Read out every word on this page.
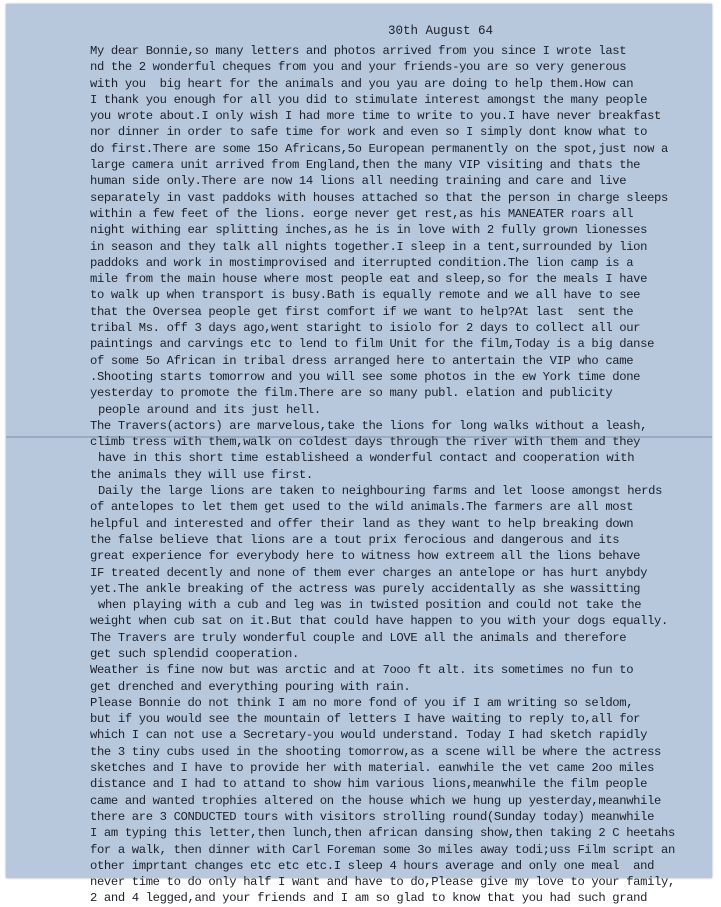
30th August 64
My dear Bonnie,so many letters and photos arrived from you since I wrote last
nd the 2 wonderful cheques from you and your friends-you are so very generous
with you  big heart for the animals and you yau are doing to help them.How can
I thank you enough for all you did to stimulate interest amongst the many people
you wrote about.I only wish I had more time to write to you.I have never breakfast
nor dinner in order to safe time for work and even so I simply dont know what to
do first.There are some 15o Africans,5o European permanently on the spot,just now a
large camera unit arrived from England,then the many VIP visiting and thats the
human side only.There are now 14 lions all needing training and care and live
separately in vast paddoks with houses attached so that the person in charge sleeps
within a few feet of the lions. eorge never get rest,as his MANEATER roars all
night withing ear splitting inches,as he is in love with 2 fully grown lionesses
in season and they talk all nights together.I sleep in a tent,surrounded by lion
paddoks and work in mostimprovised and iterrupted condition.The lion camp is a
mile from the main house where most people eat and sleep,so for the meals I have
to walk up when transport is busy.Bath is equally remote and we all have to see
that the Oversea people get first comfort if we want to help?At last  sent the
tribal Ms. off 3 days ago,went staright to isiolo for 2 days to collect all our
paintings and carvings etc to lend to film Unit for the film,Today is a big danse
of some 5o African in tribal dress arranged here to antertain the VIP who came
.Shooting starts tomorrow and you will see some photos in the ew York time done
yesterday to promote the film.There are so many publ. elation and publicity
people around and its just hell.
The Travers(actors) are marvelous,take the lions for long walks without a leash,
climb tress with them,walk on coldest days through the river with them and they
have in this short time establisheed a wonderful contact and cooperation with
the animals they will use first.
Daily the large lions are taken to neighbouring farms and let loose amongst herds
of antelopes to let them get used to the wild animals.The farmers are all most
helpful and interested and offer their land as they want to help breaking down
the false believe that lions are a tout prix ferocious and dangerous and its
great experience for everybody here to witness how extreem all the lions behave
IF treated decently and none of them ever charges an antelope or has hurt anybdy
yet.The ankle breaking of the actress was purely accidentally as she wassitting
when playing with a cub and leg was in twisted position and could not take the
weight when cub sat on it.But that could have happen to you with your dogs equally.
The Travers are truly wonderful couple and LOVE all the animals and therefore
get such splendid cooperation.
Weather is fine now but was arctic and at 7ooo ft alt. its sometimes no fun to
get drenched and everything pouring with rain.
Please Bonnie do not think I am no more fond of you if I am writing so seldom,
but if you would see the mountain of letters I have waiting to reply to,all for
which I can not use a Secretary-you would understand. Today I had sketch rapidly
the 3 tiny cubs used in the shooting tomorrow,as a scene will be where the actress
sketches and I have to provide her with material. eanwhile the vet came 2oo miles
distance and I had to attand to show him various lions,meanwhile the film people
came and wanted trophies altered on the house which we hung up yesterday,meanwhile
there are 3 CONDUCTED tours with visitors strolling round(Sunday today) meanwhile
I am typing this letter,then lunch,then african dansing show,then taking 2 C heetahs
for a walk, then dinner with Carl Foreman some 3o miles away todi;uss Film script an
other imprtant changes etc etc etc.I sleep 4 hours average and only one meal  and
never time to do only half I want and have to do,Please give my love to your family,
2 and 4 legged,and your friends and I am so glad to know that you had such grand
